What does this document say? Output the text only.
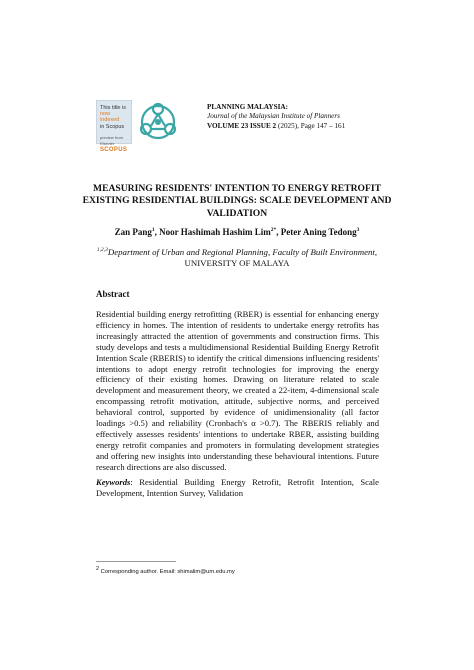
This title is
now indexed
in Scopus
preview from Elsevier
SCOPUS
PLANNING MALAYSIA:
Journal of the Malaysian Institute of Planners
VOLUME 23 ISSUE 2 (2025), Page 147 – 161
MEASURING RESIDENTS' INTENTION TO ENERGY RETROFIT EXISTING RESIDENTIAL BUILDINGS: SCALE DEVELOPMENT AND VALIDATION
Zan Pang$^1$, Noor Hashimah Hashim Lim$^{2*}$, Peter Aning Tedong$^3$
$^{1,2,3}$Department of Urban and Regional Planning, Faculty of Built Environment,
UNIVERSITY OF MALAYA
Abstract

Residential building energy retrofitting (RBER) is essential for enhancing energy efficiency in homes. The intention of residents to undertake energy retrofits has increasingly attracted the attention of governments and construction firms. This study develops and tests a multidimensional Residential Building Energy Retrofit Intention Scale (RBERIS) to identify the critical dimensions influencing residents' intentions to adopt energy retrofit technologies for improving the energy efficiency of their existing homes. Drawing on literature related to scale development and measurement theory, we created a 22-item, 4-dimensional scale encompassing retrofit motivation, attitude, subjective norms, and perceived behavioral control, supported by evidence of unidimensionality (all factor loadings >0.5) and reliability (Cronbach's α >0.7). The RBERIS reliably and effectively assesses residents' intentions to undertake RBER, assisting building energy retrofit companies and promoters in formulating development strategies and offering new insights into understanding these behavioural intentions. Future research directions are also discussed.

Keywords: Residential Building Energy Retrofit, Retrofit Intention, Scale Development, Intention Survey, Validation

$^2$ Corresponding author. Email: shimalim@um.edu.my
